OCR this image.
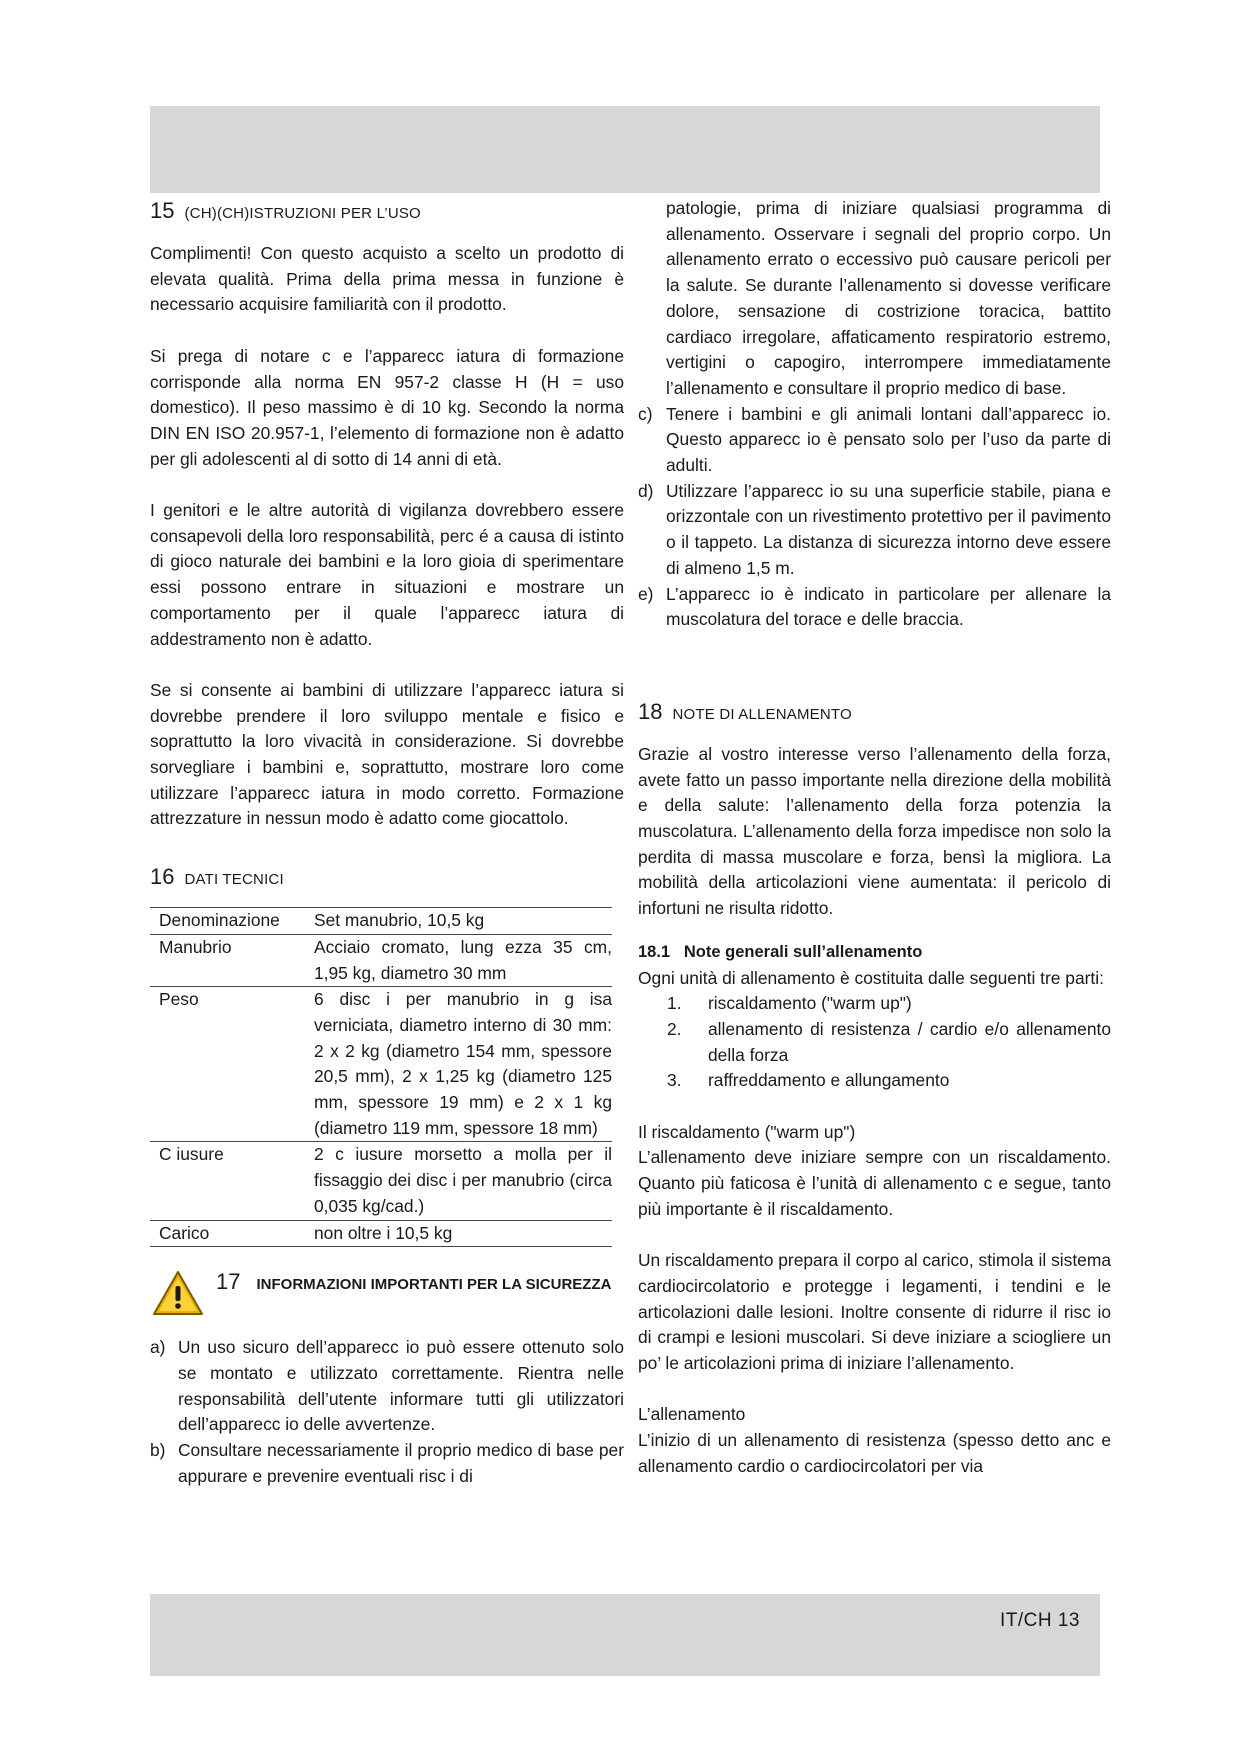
15 (CH)(CH)ISTRUZIONI PER L’USO

Complimenti! Con questo acquisto a scelto un prodotto di elevata qualità. Prima della prima messa in funzione è necessario acquisire familiarità con il prodotto.

Si prega di notare c e l’apparecc iatura di formazione corrisponde alla norma EN 957-2 classe H (H = uso domestico). Il peso massimo è di 10 kg. Secondo la norma DIN EN ISO 20.957-1, l’elemento di formazione non è adatto per gli adolescenti al di sotto di 14 anni di età.

I genitori e le altre autorità di vigilanza dovrebbero essere consapevoli della loro responsabilità, perc é a causa di istinto di gioco naturale dei bambini e la loro gioia di sperimentare essi possono entrare in situazioni e mostrare un comportamento per il quale l’apparecc iatura di addestramento non è adatto.

Se si consente ai bambini di utilizzare l’apparecc iatura si dovrebbe prendere il loro sviluppo mentale e fisico e soprattutto la loro vivacità in considerazione. Si dovrebbe sorvegliare i bambini e, soprattutto, mostrare loro come utilizzare l’apparecc iatura in modo corretto. Formazione attrezzature in nessun modo è adatto come giocattolo.

16 DATI TECNICI
Denominazione	Set manubrio, 10,5 kg
Manubrio	Acciaio cromato, lung ezza 35 cm, 1,95 kg, diametro 30 mm
Peso	6 disc i per manubrio in g isa verniciata, diametro interno di 30 mm: 2 x 2 kg (diametro 154 mm, spessore 20,5 mm), 2 x 1,25 kg (diametro 125 mm, spessore 19 mm) e 2 x 1 kg (diametro 119 mm, spessore 18 mm)
C iusure	2 c iusure morsetto a molla per il fissaggio dei disc i per manubrio (circa 0,035 kg/cad.)
Carico	non oltre i 10,5 kg
17 INFORMAZIONI IMPORTANTI PER LA SICUREZZA
a) Un uso sicuro dell’apparecc io può essere ottenuto solo se montato e utilizzato correttamente. Rientra nelle responsabilità dell’utente informare tutti gli utilizzatori dell’apparecc io delle avvertenze.
b) Consultare necessariamente il proprio medico di base per appurare e prevenire eventuali risc i di

patologie, prima di iniziare qualsiasi programma di allenamento. Osservare i segnali del proprio corpo. Un allenamento errato o eccessivo può causare pericoli per la salute. Se durante l’allenamento si dovesse verificare dolore, sensazione di costrizione toracica, battito cardiaco irregolare, affaticamento respiratorio estremo, vertigini o capogiro, interrompere immediatamente l’allenamento e consultare il proprio medico di base.

c) Tenere i bambini e gli animali lontani dall’apparecc io. Questo apparecc io è pensato solo per l’uso da parte di adulti.
d) Utilizzare l’apparecc io su una superficie stabile, piana e orizzontale con un rivestimento protettivo per il pavimento o il tappeto. La distanza di sicurezza intorno deve essere di almeno 1,5 m.
e) L’apparecc io è indicato in particolare per allenare la muscolatura del torace e delle braccia.
18 NOTE DI ALLENAMENTO

Grazie al vostro interesse verso l’allenamento della forza, avete fatto un passo importante nella direzione della mobilità e della salute: l’allenamento della forza potenzia la muscolatura. L’allenamento della forza impedisce non solo la perdita di massa muscolare e forza, bensì la migliora. La mobilità della articolazioni viene aumentata: il pericolo di infortuni ne risulta ridotto.

18.1 Note generali sull’allenamento

Ogni unità di allenamento è costituita dalle seguenti tre parti:

1. riscaldamento ("warm up")
2. allenamento di resistenza / cardio e/o allenamento della forza
3. raffreddamento e allungamento

Il riscaldamento ("warm up")

L’allenamento deve iniziare sempre con un riscaldamento. Quanto più faticosa è l’unità di allenamento c e segue, tanto più importante è il riscaldamento.

Un riscaldamento prepara il corpo al carico, stimola il sistema cardiocircolatorio e protegge i legamenti, i tendini e le articolazioni dalle lesioni. Inoltre consente di ridurre il risc io di crampi e lesioni muscolari. Si deve iniziare a sciogliere un po’ le articolazioni prima di iniziare l’allenamento.

L’allenamento

L’inizio di un allenamento di resistenza (spesso detto anc e allenamento cardio o cardiocircolatori per via

IT/CH 13
